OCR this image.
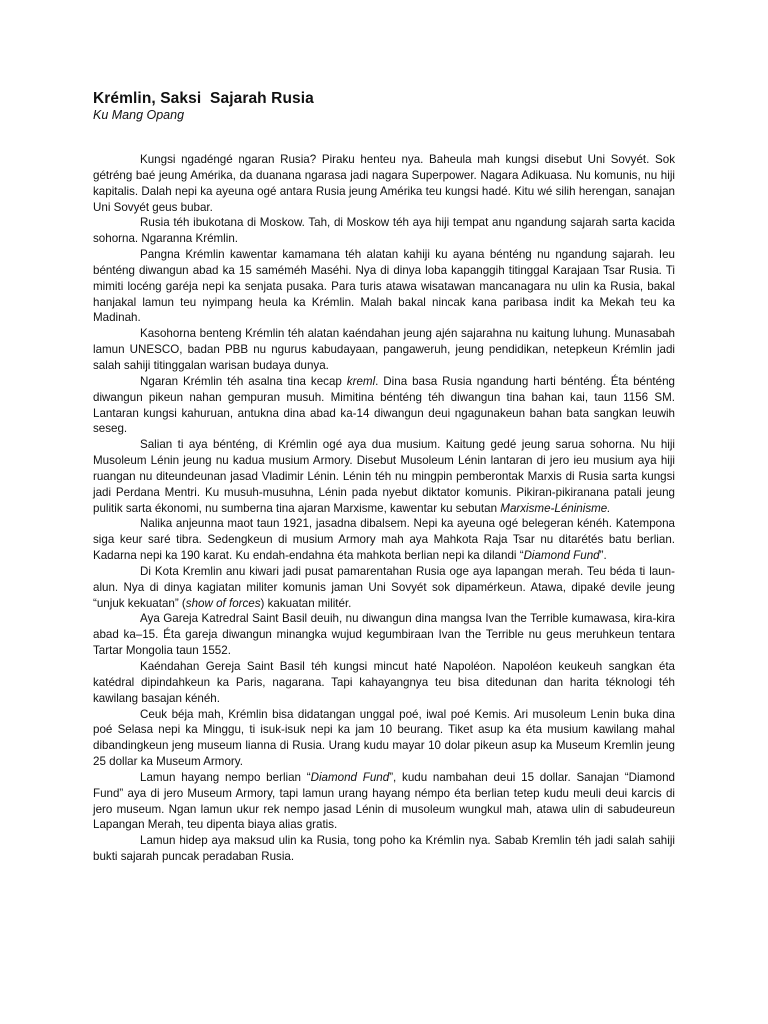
Krémlin, Saksi  Sajarah Rusia
Ku Mang Opang

Kungsi ngadéngé ngaran Rusia? Piraku henteu nya. Baheula mah kungsi disebut Uni Sovyét. Sok gétréng baé jeung Amérika, da duanana ngarasa jadi nagara Superpower. Nagara Adikuasa. Nu komunis, nu hiji kapitalis. Dalah nepi ka ayeuna ogé antara Rusia jeung Amérika teu kungsi hadé. Kitu wé silih herengan, sanajan Uni Sovyét geus bubar.

Rusia téh ibukotana di Moskow. Tah, di Moskow téh aya hiji tempat anu ngandung sajarah sarta kacida sohorna. Ngaranna Krémlin.

Pangna Krémlin kawentar kamamana téh alatan kahiji ku ayana bénténg nu ngandung sajarah. Ieu bénténg diwangun abad ka 15 saméméh Maséhi. Nya di dinya loba kapanggih titinggal Karajaan Tsar Rusia. Ti mimiti locéng garéja nepi ka senjata pusaka. Para turis atawa wisatawan mancanagara nu ulin ka Rusia, bakal hanjakal lamun teu nyimpang heula ka Krémlin. Malah bakal nincak kana paribasa indit ka Mekah teu ka Madinah.

Kasohorna benteng Krémlin téh alatan kaéndahan jeung ajén sajarahna nu kaitung luhung. Munasabah lamun UNESCO, badan PBB nu ngurus kabudayaan, pangaweruh, jeung pendidikan, netepkeun Krémlin jadi salah sahiji titinggalan warisan budaya dunya.

Ngaran Krémlin téh asalna tina kecap kreml. Dina basa Rusia ngandung harti bénténg. Éta bénténg diwangun pikeun nahan gempuran musuh. Mimitina bénténg téh diwangun tina bahan kai, taun 1156 SM. Lantaran kungsi kahuruan, antukna dina abad ka-14 diwangun deui ngagunakeun bahan bata sangkan leuwih seseg.

Salian ti aya bénténg, di Krémlin ogé aya dua musium. Kaitung gedé jeung sarua sohorna. Nu hiji Musoleum Lénin jeung nu kadua musium Armory. Disebut Musoleum Lénin lantaran di jero ieu musium aya hiji ruangan nu diteundeunan jasad Vladimir Lénin. Lénin téh nu mingpin pemberontak Marxis di Rusia sarta kungsi jadi Perdana Mentri. Ku musuh-musuhna, Lénin pada nyebut diktator komunis. Pikiran-pikiranana patali jeung pulitik sarta ékonomi, nu sumberna tina ajaran Marxisme, kawentar ku sebutan Marxisme-Léninisme.

Nalika anjeunna maot taun 1921, jasadna dibalsem. Nepi ka ayeuna ogé belegeran kénéh. Katempona siga keur saré tibra. Sedengkeun di musium Armory mah aya Mahkota Raja Tsar nu ditarétés batu berlian. Kadarna nepi ka 190 karat. Ku endah-endahna éta mahkota berlian nepi ka dilandi “Diamond Fund”.

Di Kota Kremlin anu kiwari jadi pusat pamarentahan Rusia oge aya lapangan merah. Teu béda ti laun-alun. Nya di dinya kagiatan militer komunis jaman Uni Sovyét sok dipamérkeun. Atawa, dipaké devile jeung “unjuk kekuatan” (show of forces) kakuatan militér.

Aya Gareja Katredral Saint Basil deuih, nu diwangun dina mangsa Ivan the Terrible kumawasa, kira-kira abad ka–15. Éta gareja diwangun minangka wujud kegumbiraan Ivan the Terrible nu geus meruhkeun tentara Tartar Mongolia taun 1552.

Kaéndahan Gereja Saint Basil téh kungsi mincut haté Napoléon. Napoléon keukeuh sangkan éta katédral dipindahkeun ka Paris, nagarana. Tapi kahayangnya teu bisa ditedunan dan harita téknologi téh kawilang basajan kénéh.

Ceuk béja mah, Krémlin bisa didatangan unggal poé, iwal poé Kemis. Ari musoleum Lenin buka dina poé Selasa nepi ka Minggu, ti isuk-isuk nepi ka jam 10 beurang. Tiket asup ka éta musium kawilang mahal dibandingkeun jeng museum lianna di Rusia. Urang kudu mayar 10 dolar pikeun asup ka Museum Kremlin jeung 25 dollar ka Museum Armory.

Lamun hayang nempo berlian “Diamond Fund”, kudu nambahan deui 15 dollar. Sanajan “Diamond Fund” aya di jero Museum Armory, tapi lamun urang hayang némpo éta berlian tetep kudu meuli deui karcis di jero museum. Ngan lamun ukur rek nempo jasad Lénin di musoleum wungkul mah, atawa ulin di sabudeureun Lapangan Merah, teu dipenta biaya alias gratis.

Lamun hidep aya maksud ulin ka Rusia, tong poho ka Krémlin nya. Sabab Kremlin téh jadi salah sahiji bukti sajarah puncak peradaban Rusia.
